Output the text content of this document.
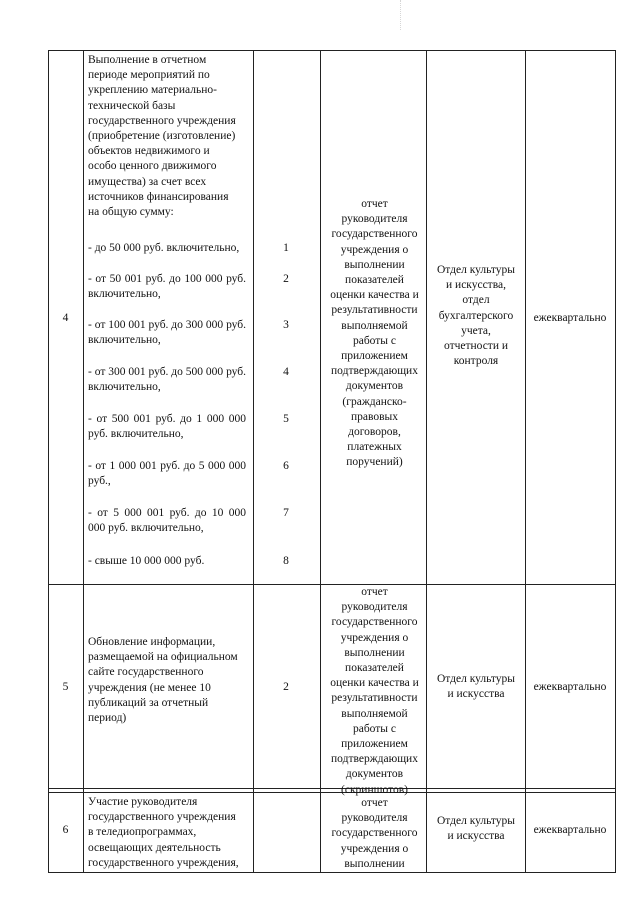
4
Выполнение в отчетном
периоде мероприятий по
укреплению материально-
технической базы
государственного учреждения
(приобретение (изготовление)
объектов недвижимого и
особо ценного движимого
имущества) за счет всех
источников финансирования
на общую сумму:
- до 50 000 руб. включительно,	1
- от 50 001 руб. до 100 000 руб. включительно,
2
- от 100 001 руб. до 300 000 руб. включительно,
3
- от 300 001 руб. до 500 000 руб. включительно,
4
- от 500 001 руб. до 1 000 000 руб. включительно,
5
- от 1 000 001 руб. до 5 000 000 руб.,
6
- от 5 000 001 руб. до 10 000 000 руб. включительно,
7
- свыше 10 000 000 руб.	8
отчет
руководителя
государственного
учреждения о
выполнении
показателей
оценки качества и
результативности
выполняемой
работы с
приложением
подтверждающих
документов
(гражданско-
правовых
договоров,
платежных
поручений)
Отдел культуры
и искусства,
отдел
бухгалтерского
учета,
отчетности и
контроля
ежеквартально
5
Обновление информации,
размещаемой на официальном
сайте государственного
учреждения (не менее 10
публикаций за отчетный
период)
2
отчет
руководителя
государственного
учреждения о
выполнении
показателей
оценки качества и
результативности
выполняемой
работы с
приложением
подтверждающих
документов
(скриншотов)
Отдел культуры
и искусства
ежеквартально
6
Участие руководителя
государственного учреждения
в теледиопрограммах,
освещающих деятельность
государственного учреждения,
отчет
руководителя
государственного
учреждения о
выполнении
Отдел культуры
и искусства
ежеквартально
